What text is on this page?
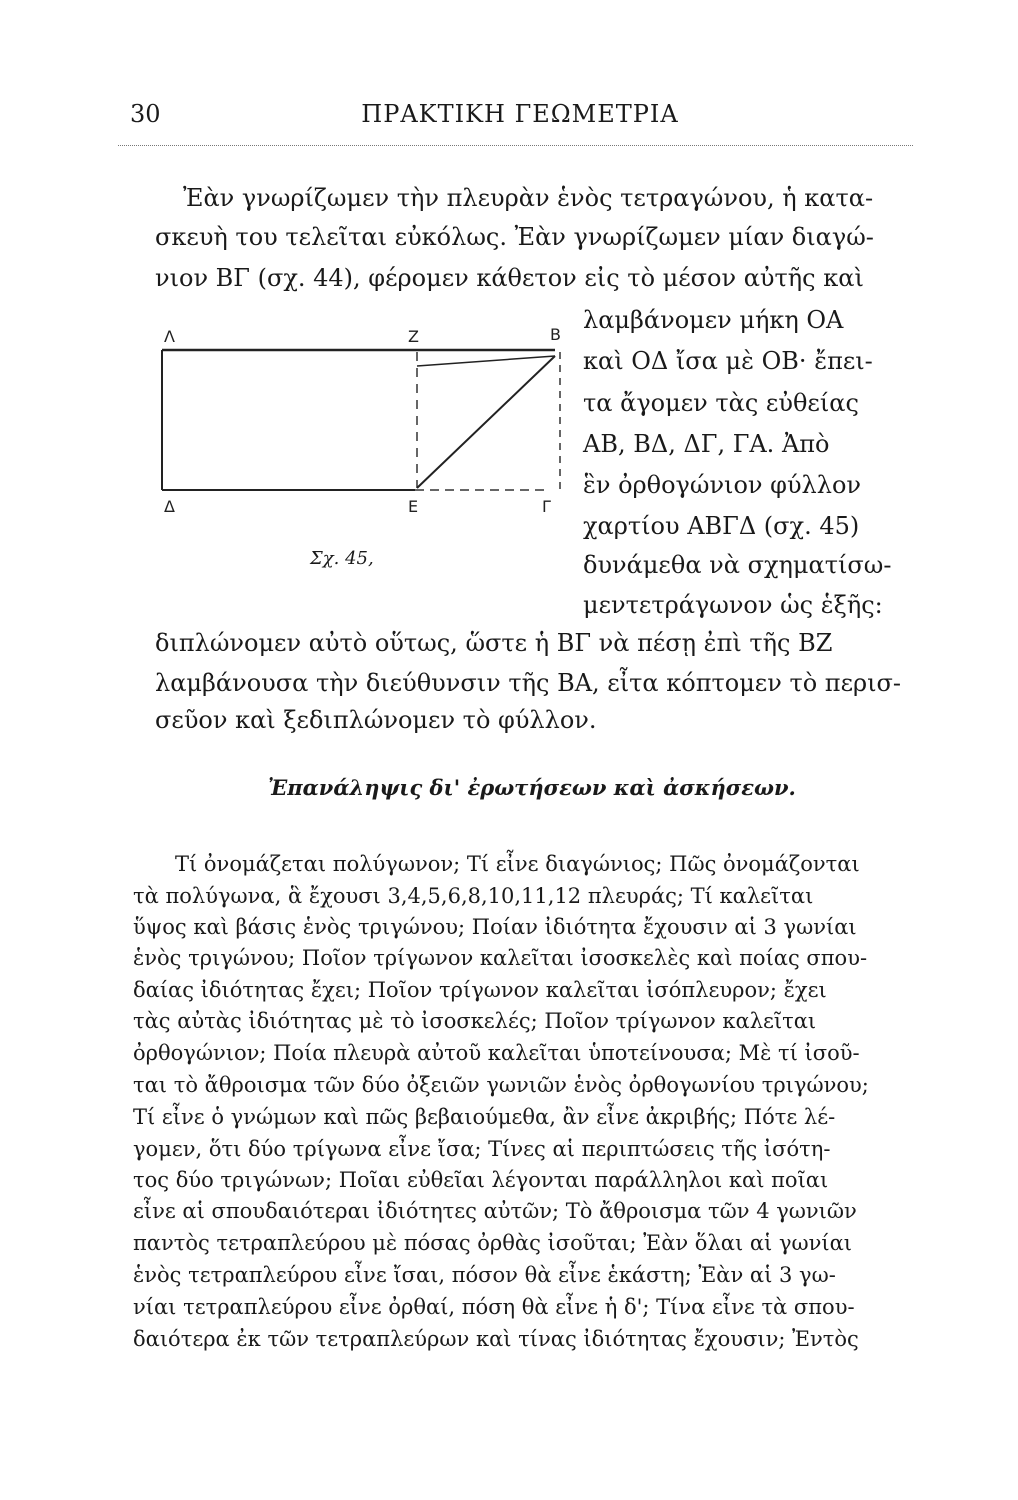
30	ΠΡΑΚΤΙΚΗ ΓΕΩΜΕΤΡΙΑ
Ἐὰν γνωρίζωμεν τὴν πλευρὰν ἑνὸς τετραγώνου, ἡ κατα-
σκευὴ του τελεῖται εὐκόλως. Ἐὰν γνωρίζωμεν μίαν διαγώ-
νιον ΒΓ (σχ. 44), φέρομεν κάθετον εἰς τὸ μέσον αὐτῆς καὶ
λαμβάνομεν μήκη ΟΑ
καὶ ΟΔ ἴσα μὲ ΟΒ· ἔπει-
τα ἄγομεν τὰς εὐθείας
ΑΒ, ΒΔ, ΔΓ, ΓΑ. Ἀπὸ
ἓν ὀρθογώνιον φύλλον
χαρτίου ΑΒΓΔ (σχ. 45)
δυνάμεθα νὰ σχηματίσω-
μεντετράγωνον ὡς ἑξῆς:
Λ	Z	B
Δ	E	Γ
Σχ. 45,
διπλώνομεν αὐτὸ οὕτως, ὥστε ἡ ΒΓ νὰ πέσῃ ἐπὶ τῆς ΒΖ
λαμβάνουσα τὴν διεύθυνσιν τῆς ΒΑ, εἶτα κόπτομεν τὸ περισ-
σεῦον καὶ ξεδιπλώνομεν τὸ φύλλον.
Ἐπανάληψις δι' ἐρωτήσεων καὶ ἀσκήσεων.
Τί ὀνομάζεται πολύγωνον; Τί εἶνε διαγώνιος; Πῶς ὀνομάζονται
τὰ πολύγωνα, ἃ ἔχουσι 3,4,5,6,8,10,11,12 πλευράς; Τί καλεῖται
ὕψος καὶ βάσις ἑνὸς τριγώνου; Ποίαν ἰδιότητα ἔχουσιν αἱ 3 γωνίαι
ἑνὸς τριγώνου; Ποῖον τρίγωνον καλεῖται ἰσοσκελὲς καὶ ποίας σπου-
δαίας ἰδιότητας ἔχει; Ποῖον τρίγωνον καλεῖται ἰσόπλευρον; ἔχει
τὰς αὐτὰς ἰδιότητας μὲ τὸ ἰσοσκελές; Ποῖον τρίγωνον καλεῖται
ὀρθογώνιον; Ποία πλευρὰ αὐτοῦ καλεῖται ὑποτείνουσα; Μὲ τί ἰσοῦ-
ται τὸ ἄθροισμα τῶν δύο ὀξειῶν γωνιῶν ἑνὸς ὀρθογωνίου τριγώνου;
Τί εἶνε ὁ γνώμων καὶ πῶς βεβαιούμεθα, ἂν εἶνε ἀκριβής; Πότε λέ-
γομεν, ὅτι δύο τρίγωνα εἶνε ἴσα; Τίνες αἱ περιπτώσεις τῆς ἰσότη-
τος δύο τριγώνων; Ποῖαι εὐθεῖαι λέγονται παράλληλοι καὶ ποῖαι
εἶνε αἱ σπουδαιότεραι ἰδιότητες αὐτῶν; Τὸ ἄθροισμα τῶν 4 γωνιῶν
παντὸς τετραπλεύρου μὲ πόσας ὀρθὰς ἰσοῦται; Ἐὰν ὅλαι αἱ γωνίαι
ἑνὸς τετραπλεύρου εἶνε ἴσαι, πόσον θὰ εἶνε ἑκάστη; Ἐὰν αἱ 3 γω-
νίαι τετραπλεύρου εἶνε ὀρθαί, πόση θὰ εἶνε ἡ δ'; Τίνα εἶνε τὰ σπου-
δαιότερα ἐκ τῶν τετραπλεύρων καὶ τίνας ἰδιότητας ἔχουσιν; Ἐντὸς
